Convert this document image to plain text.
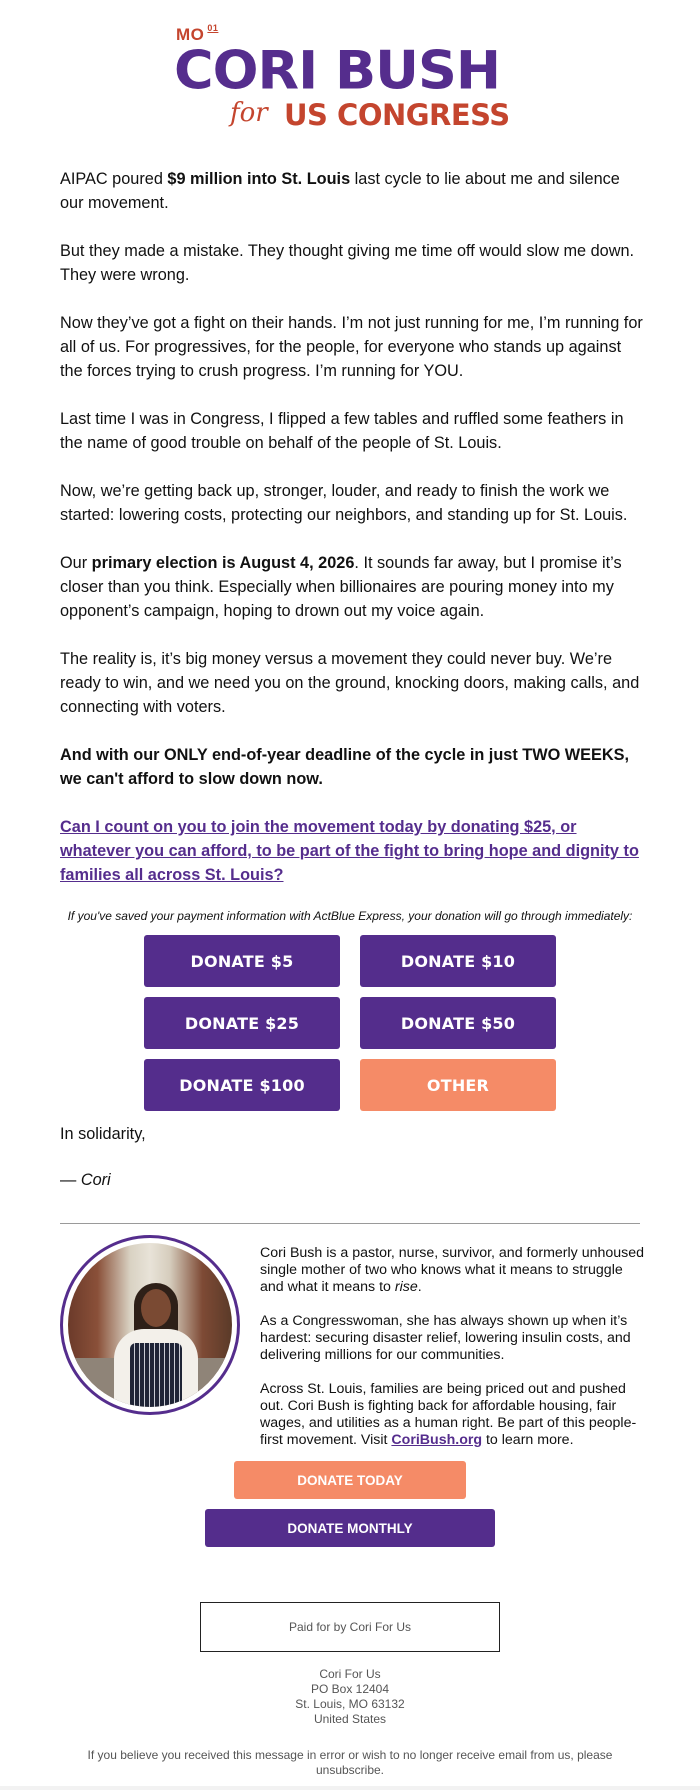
MO $^{01}$
CORI BUSH
for US CONGRESS

AIPAC poured $9 million into St. Louis last cycle to lie about me and silence our movement.

But they made a mistake. They thought giving me time off would slow me down. They were wrong.

Now they’ve got a fight on their hands. I’m not just running for me, I’m running for all of us. For progressives, for the people, for everyone who stands up against the forces trying to crush progress. I’m running for YOU.

Last time I was in Congress, I flipped a few tables and ruffled some feathers in the name of good trouble on behalf of the people of St. Louis.

Now, we’re getting back up, stronger, louder, and ready to finish the work we started: lowering costs, protecting our neighbors, and standing up for St. Louis.

Our primary election is August 4, 2026. It sounds far away, but I promise it’s closer than you think. Especially when billionaires are pouring money into my opponent’s campaign, hoping to drown out my voice again.

The reality is, it’s big money versus a movement they could never buy. We’re ready to win, and we need you on the ground, knocking doors, making calls, and connecting with voters.

And with our ONLY end-of-year deadline of the cycle in just TWO WEEKS, we can't afford to slow down now.

Can I count on you to join the movement today by donating $25, or whatever you can afford, to be part of the fight to bring hope and dignity to families all across St. Louis?

If you've saved your payment information with ActBlue Express, your donation will go through immediately:
DONATE $5	DONATE $10
DONATE $25	DONATE $50
DONATE $100	OTHER
In solidarity,
— Cori

Cori Bush is a pastor, nurse, survivor, and formerly unhoused single mother of two who knows what it means to struggle and what it means to rise.

As a Congresswoman, she has always shown up when it’s hardest: securing disaster relief, lowering insulin costs, and delivering millions for our communities.

Across St. Louis, families are being priced out and pushed out. Cori Bush is fighting back for affordable housing, fair wages, and utilities as a human right. Be part of this people-first movement. Visit CoriBush.org to learn more.

DONATE TODAY
DONATE MONTHLY
Paid for by Cori For Us
Cori For Us
PO Box 12404
St. Louis, MO 63132
United States
If you believe you received this message in error or wish to no longer receive email from us, please unsubscribe.
